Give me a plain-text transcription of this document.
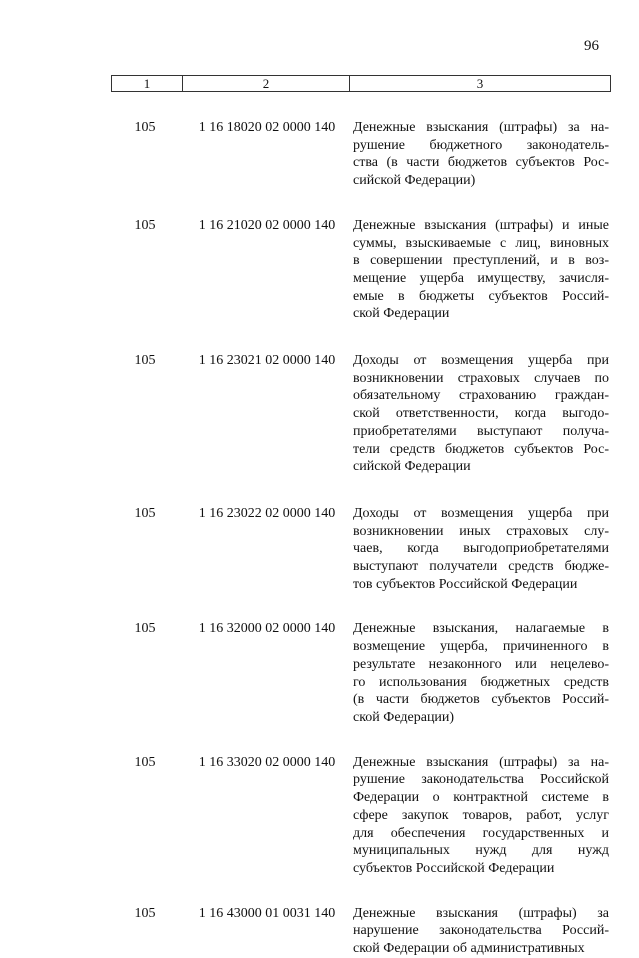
96
1	2	3
105	1 16 18020 02 0000 140	Денежные взыскания (штрафы) за на-
рушение бюджетного законодатель-
ства (в части бюджетов субъектов Рос-
сийской Федерации)
105	1 16 21020 02 0000 140	Денежные взыскания (штрафы) и иные
суммы, взыскиваемые с лиц, виновных
в совершении преступлений, и в воз-
мещение ущерба имуществу, зачисля-
емые в бюджеты субъектов Россий-
ской Федерации
105	1 16 23021 02 0000 140	Доходы от возмещения ущерба при
возникновении страховых случаев по
обязательному страхованию граждан-
ской ответственности, когда выгодо-
приобретателями выступают получа-
тели средств бюджетов субъектов Рос-
сийской Федерации
105	1 16 23022 02 0000 140	Доходы от возмещения ущерба при
возникновении иных страховых слу-
чаев, когда выгодоприобретателями
выступают получатели средств бюдже-
тов субъектов Российской Федерации
105	1 16 32000 02 0000 140	Денежные взыскания, налагаемые в
возмещение ущерба, причиненного в
результате незаконного или нецелево-
го использования бюджетных средств
(в части бюджетов субъектов Россий-
ской Федерации)
105	1 16 33020 02 0000 140	Денежные взыскания (штрафы) за на-
рушение законодательства Российской
Федерации о контрактной системе в
сфере закупок товаров, работ, услуг
для обеспечения государственных и
муниципальных нужд для нужд
субъектов Российской Федерации
105	1 16 43000 01 0031 140	Денежные взыскания (штрафы) за
нарушение законодательства Россий-
ской Федерации об административных
